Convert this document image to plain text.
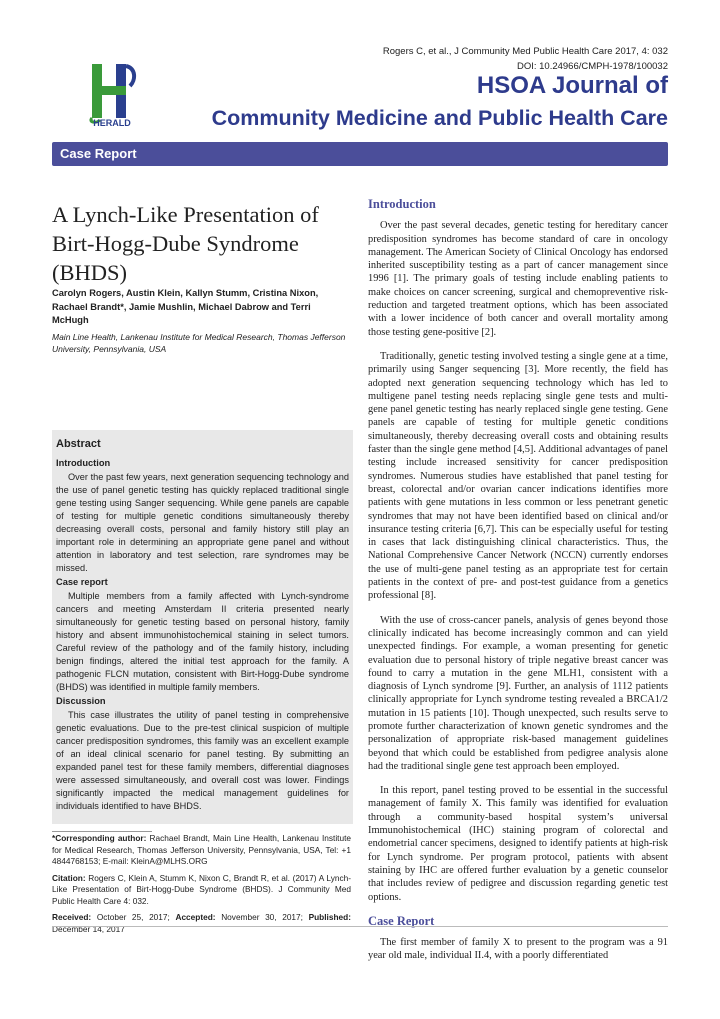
Rogers C, et al., J Community Med Public Health Care 2017, 4: 032
DOI: 10.24966/CMPH-1978/100032
HERALD
HSOA Journal of
Community Medicine and Public Health Care
Case Report
A Lynch-Like Presentation of Birt-Hogg-Dube Syndrome (BHDS)
Carolyn Rogers, Austin Klein, Kallyn Stumm, Cristina Nixon, Rachael Brandt*, Jamie Mushlin, Michael Dabrow and Terri McHugh
Main Line Health, Lankenau Institute for Medical Research, Thomas Jefferson University, Pennsylvania, USA
Abstract
Introduction

Over the past few years, next generation sequencing technology and the use of panel genetic testing has quickly replaced traditional single gene testing using Sanger sequencing. While gene panels are capable of testing for multiple genetic conditions simultaneously thereby decreasing overall costs, personal and family history still play an important role in determining an appropriate gene panel and without attention in laboratory and test selection, rare syndromes may be missed.

Case report

Multiple members from a family affected with Lynch-syndrome cancers and meeting Amsterdam II criteria presented nearly simultaneously for genetic testing based on personal history, family history and absent immunohistochemical staining in select tumors. Careful review of the pathology and of the family history, including benign findings, altered the initial test approach for the family. A pathogenic FLCN mutation, consistent with Birt-Hogg-Dube syndrome (BHDS) was identified in multiple family members.

Discussion

This case illustrates the utility of panel testing in comprehensive genetic evaluations. Due to the pre-test clinical suspicion of multiple cancer predisposition syndromes, this family was an excellent example of an ideal clinical scenario for panel testing. By submitting an expanded panel test for these family members, differential diagnoses were assessed simultaneously, and overall cost was lower. Findings significantly impacted the medical management guidelines for individuals identified to have BHDS.

*Corresponding author: Rachael Brandt, Main Line Health, Lankenau Institute for Medical Research, Thomas Jefferson University, Pennsylvania, USA, Tel: +1 4844768153; E-mail: KleinA@MLHS.ORG

Citation: Rogers C, Klein A, Stumm K, Nixon C, Brandt R, et al. (2017) A Lynch-Like Presentation of Birt-Hogg-Dube Syndrome (BHDS). J Community Med Public Health Care 4: 032.

Received: October 25, 2017; Accepted: November 30, 2017; Published: December 14, 2017

Introduction

Over the past several decades, genetic testing for hereditary cancer predisposition syndromes has become standard of care in oncology management. The American Society of Clinical Oncology has endorsed inherited susceptibility testing as a part of cancer management since 1996 [1]. The primary goals of testing include enabling patients to make choices on cancer screening, surgical and chemopreventive risk-reduction and targeted treatment options, which has been associated with a lower incidence of both cancer and overall mortality among those testing gene-positive [2].

Traditionally, genetic testing involved testing a single gene at a time, primarily using Sanger sequencing [3]. More recently, the field has adopted next generation sequencing technology which has led to multigene panel testing needs replacing single gene tests and multi-gene panel genetic testing has nearly replaced single gene testing. Gene panels are capable of testing for multiple genetic conditions simultaneously, thereby decreasing overall costs and obtaining results faster than the single gene method [4,5]. Additional advantages of panel testing include increased sensitivity for cancer predisposition syndromes. Numerous studies have established that panel testing for breast, colorectal and/or ovarian cancer indications identifies more patients with gene mutations in less common or less penetrant genetic syndromes that may not have been identified based on clinical and/or insurance testing criteria [6,7]. This can be especially useful for testing in cases that lack distinguishing clinical characteristics. Thus, the National Comprehensive Cancer Network (NCCN) currently endorses the use of multi-gene panel testing as an appropriate test for certain patients in the context of pre- and post-test guidance from a genetics professional [8].

With the use of cross-cancer panels, analysis of genes beyond those clinically indicated has become increasingly common and can yield unexpected findings. For example, a woman presenting for genetic evaluation due to personal history of triple negative breast cancer was found to carry a mutation in the gene MLH1, consistent with a diagnosis of Lynch syndrome [9]. Further, an analysis of 1112 patients clinically appropriate for Lynch syndrome testing revealed a BRCA1/2 mutation in 15 patients [10]. Though unexpected, such results serve to promote further characterization of known genetic syndromes and the personalization of appropriate risk-based management guidelines beyond that which could be established from pedigree analysis alone had the traditional single gene test approach been employed.

In this report, panel testing proved to be essential in the successful management of family X. This family was identified for evaluation through a community-based hospital system’s universal Immunohistochemical (IHC) staining program of colorectal and endometrial cancer specimens, designed to identify patients at high-risk for Lynch syndrome. Per program protocol, patients with absent staining by IHC are offered further evaluation by a genetic counselor that includes review of pedigree and discussion regarding genetic test options.

Case Report

The first member of family X to present to the program was a 91 year old male, individual II.4, with a poorly differentiated
